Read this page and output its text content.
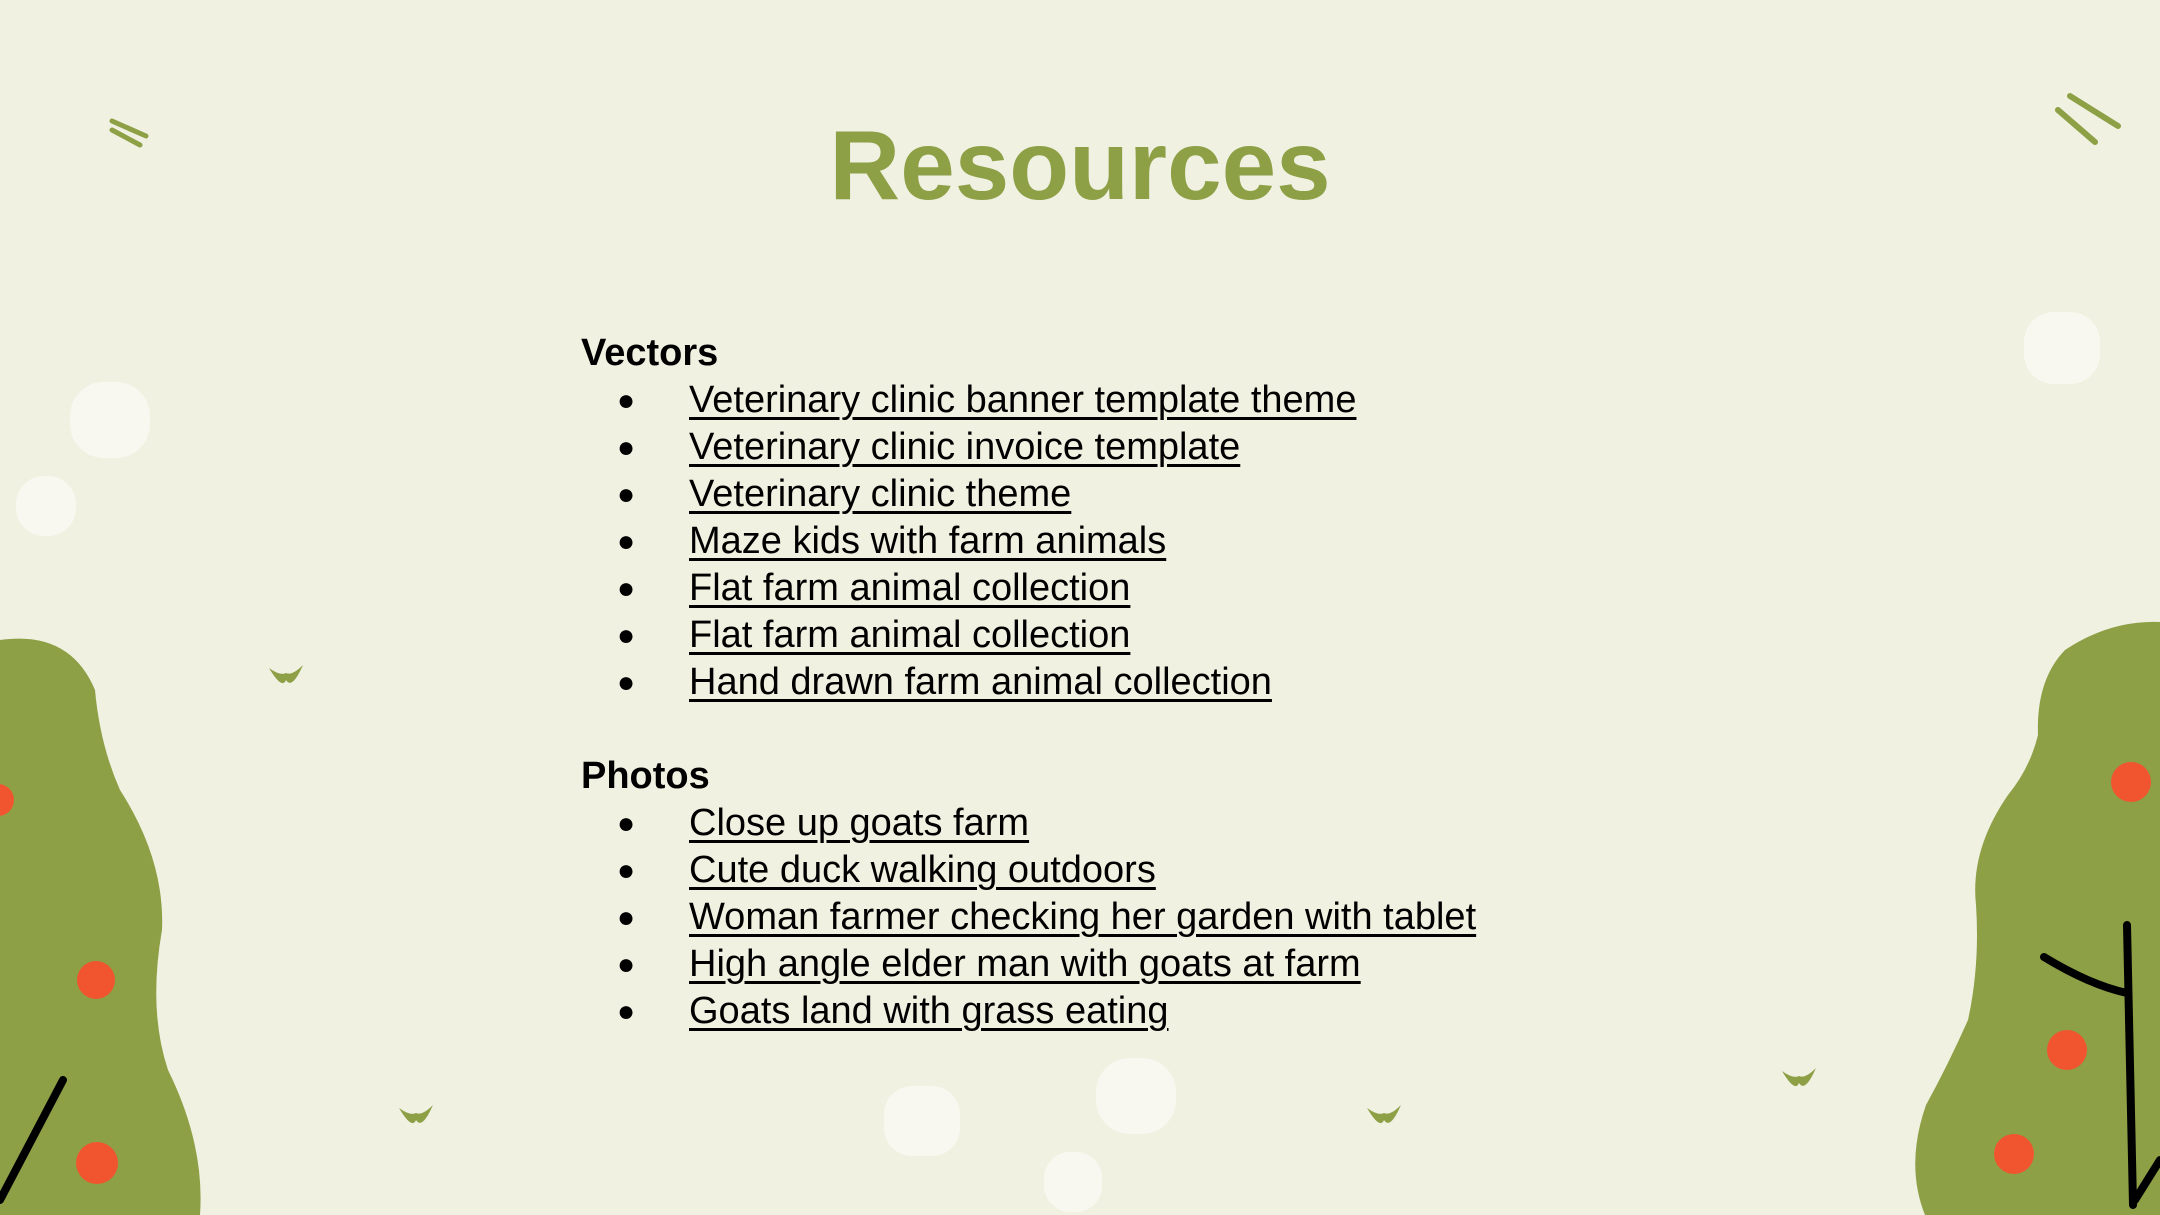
Resources

Vectors

● Veterinary clinic banner template theme
● Veterinary clinic invoice template
● Veterinary clinic theme
● Maze kids with farm animals
● Flat farm animal collection
● Flat farm animal collection
● Hand drawn farm animal collection

Photos

● Close up goats farm
● Cute duck walking outdoors
● Woman farmer checking her garden with tablet
● High angle elder man with goats at farm
● Goats land with grass eating
